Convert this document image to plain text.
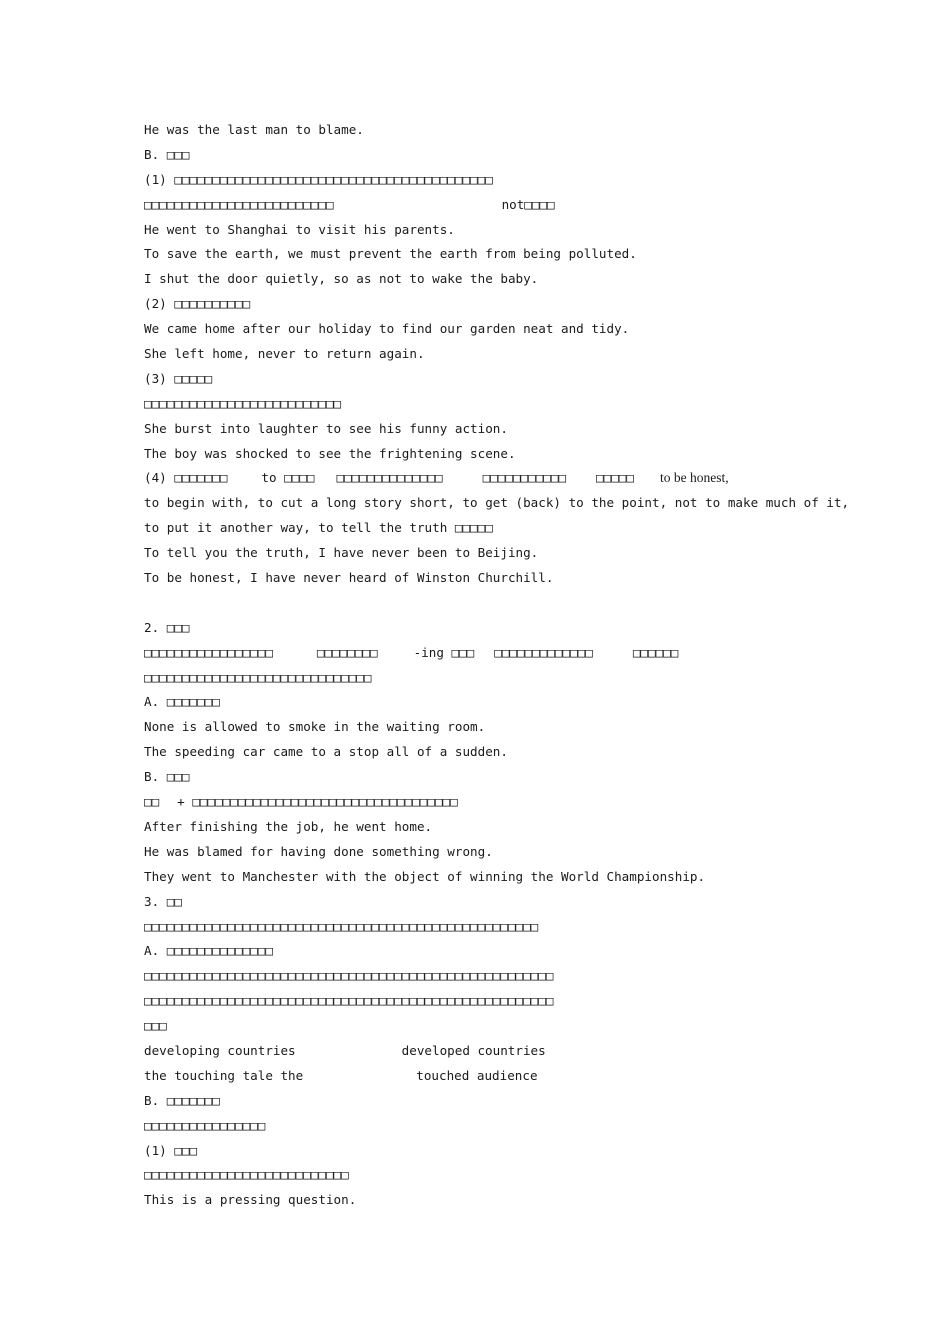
He was the last man to blame.
B. □□□
(1) □□□□□□□□□□□□□□□□□□□□□□□□□□□□□□□□□□□□□□□□□□
□□□□□□□□□□□□□□□□□□□□□□□□□	not□□□□
He went to Shanghai to visit his parents.
To save the earth, we must prevent the earth from being polluted.
I shut the door quietly, so as not to wake the baby.
(2) □□□□□□□□□□
We came home after our holiday to find our garden neat and tidy.
She left home, never to return again.
(3) □□□□□
□□□□□□□□□□□□□□□□□□□□□□□□□□
She burst into laughter to see his funny action.
The boy was shocked to see the frightening scene.
(4) □□□□□□□	to □□□□ □□□□□□□□□□□□□□	□□□□□□□□□□□ □□□□□ to be honest,
to begin with, to cut a long story short, to get (back) to the point, not to make much of it,
to put it another way, to tell the truth □□□□□
To tell you the truth, I have never been to Beijing.
To be honest, I have never heard of Winston Churchill.
2. □□□
□□□□□□□□□□□□□□□□□	□□□□□□□□	-ing □□□ □□□□□□□□□□□□□	□□□□□□
□□□□□□□□□□□□□□□□□□□□□□□□□□□□□□
A. □□□□□□□
None is allowed to smoke in the waiting room.
The speeding car came to a stop all of a sudden.
B. □□□
□□ + □□□□□□□□□□□□□□□□□□□□□□□□□□□□□□□□□□□
After finishing the job, he went home.
He was blamed for having done something wrong.
They went to Manchester with the object of winning the World Championship.
3. □□
□□□□□□□□□□□□□□□□□□□□□□□□□□□□□□□□□□□□□□□□□□□□□□□□□□□□
A. □□□□□□□□□□□□□□
□□□□□□□□□□□□□□□□□□□□□□□□□□□□□□□□□□□□□□□□□□□□□□□□□□□□□□
□□□□□□□□□□□□□□□□□□□□□□□□□□□□□□□□□□□□□□□□□□□□□□□□□□□□□□
□□□
developing countries	developed countries
the touching tale the	touched audience
B. □□□□□□□
□□□□□□□□□□□□□□□□
(1) □□□
□□□□□□□□□□□□□□□□□□□□□□□□□□□
This is a pressing question.
